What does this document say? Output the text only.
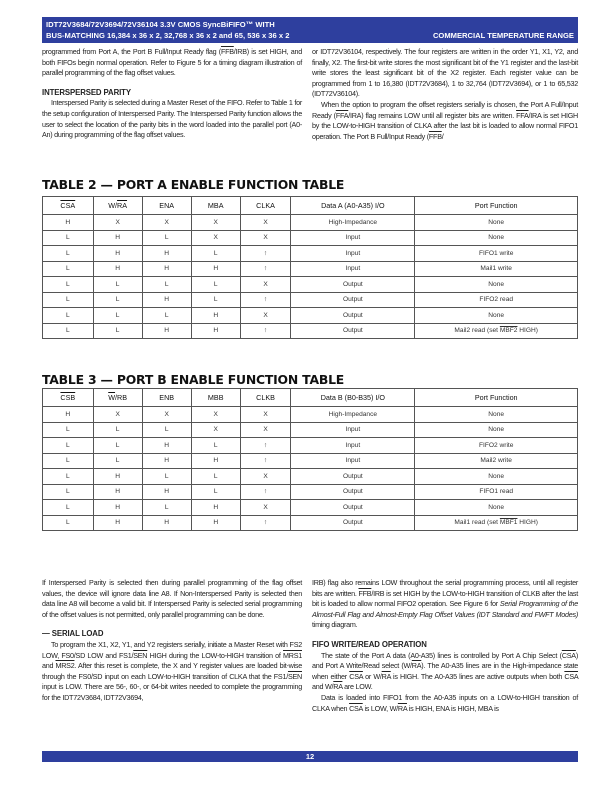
IDT72V3684/72V3694/72V36104 3.3V CMOS SyncBiFIFO™ WITH
BUS-MATCHING 16,384 x 36 x 2, 32,768 x 36 x 2 and 65, 536 x 36 x 2	COMMERCIAL TEMPERATURE RANGE

programmed from Port A, the Port B Full/Input Ready flag $(\overline{FFB}/IRB)$ is set HIGH, and both FIFOs begin normal operation. Refer to Figure 5 for a timing diagram illustration of parallel programming of the flag offset values.

INTERSPERSED PARITY

Interspersed Parity is selected during a Master Reset of the FIFO. Refer to Table 1 for the setup configuration of Interspersed Parity. The Interspersed Parity function allows the user to select the location of the parity bits in the word loaded into the parallel port (A0-An) during programming of the flag offset values.

or IDT72V36104, respectively. The four registers are written in the order Y1, X1, Y2, and finally, X2. The first-bit write stores the most significant bit of the Y1 register and the last-bit write stores the least significant bit of the X2 register. Each register value can be programmed from 1 to 16,380 (IDT72V3684), 1 to 32,764 (IDT72V3694), or 1 to 65,532 (IDT72V36104).

When the option to program the offset registers serially is chosen, the Port A Full/Input Ready $(\overline{FFA}/IRA)$ flag remains LOW until all register bits are written. $\overline{FFA}$/IRA is set HIGH by the LOW-to-HIGH transition of CLKA after the last bit is loaded to allow normal FIFO1 operation. The Port B Full/Input Ready ($\overline{FFB}/$

TABLE 2 — PORT A ENABLE FUNCTION TABLE
$\overline{CSA}$	$W/\overline{RA}$	ENA	MBA	CLKA	Data A (A0-A35) I/O	Port Function
H	X	X	X	X	High-Impedance	None
L	H	L	X	X	Input	None
L	H	H	L	↑	Input	FIFO1 write
L	H	H	H	↑	Input	Mail1 write
L	L	L	L	X	Output	None
L	L	H	L	↑	Output	FIFO2 read
L	L	L	H	X	Output	None
L	L	H	H	↑	Output	Mail2 read (set MBF2 HIGH)
TABLE 3 — PORT B ENABLE FUNCTION TABLE
$\overline{CSB}$	$\overline{W}/RB$	ENB	MBB	CLKB	Data B (B0-B35) I/O	Port Function
H	X	X	X	X	High-Impedance	None
L	L	L	X	X	Input	None
L	L	H	L	↑	Input	FIFO2 write
L	L	H	H	↑	Input	Mail2 write
L	H	L	L	X	Output	None
L	H	H	L	↑	Output	FIFO1 read
L	H	L	H	X	Output	None
L	H	H	H	↑	Output	Mail1 read (set MBF1 HIGH)

If Interspersed Parity is selected then during parallel programming of the flag offset values, the device will ignore data line A8. If Non-Interspersed Parity is selected then data line A8 will become a valid bit. If Interspersed Parity is selected serial programming of the offset values is not permitted, only parallel programming can be done.

— SERIAL LOAD

To program the X1, X2, Y1, and Y2 registers serially, initiate a Master Reset with FS2 LOW, FS0/SD LOW and $FS1/\overline{SEN}$ HIGH during the LOW-to-HIGH transition of MRS1 and MRS2. After this reset is complete, the X and Y register values are loaded bit-wise through the FS0/SD input on each LOW-to-HIGH transition of CLKA that the $FS1/\overline{SEN}$ input is LOW. There are 56-, 60-, or 64-bit writes needed to complete the programming for the IDT72V3684, IDT72V3694,

IRB) flag also remains LOW throughout the serial programming process, until all register bits are written. $\overline{FFB}$/IRB is set HIGH by the LOW-to-HIGH transition of CLKB after the last bit is loaded to allow normal FIFO2 operation. See Figure 6 for Serial Programming of the Almost-Full Flag and Almost-Empty Flag Offset Values (IDT Standard and FWFT Modes) timing diagram.

FIFO WRITE/READ OPERATION

The state of the Port A data (A0-A35) lines is controlled by Port A Chip Select $(\overline{CSA})$ and Port A Write/Read select $(W/\overline{RA})$. The A0-A35 lines are in the High-impedance state when either $\overline{CSA}$ or $W/\overline{RA}$ is HIGH. The A0-A35 lines are active outputs when both $\overline{CSA}$ and $W/\overline{RA}$ are LOW.

Data is loaded into FIFO1 from the A0-A35 inputs on a LOW-to-HIGH transition of CLKA when $\overline{CSA}$ is LOW, $W/\overline{RA}$ is HIGH, ENA is HIGH, MBA is

12
